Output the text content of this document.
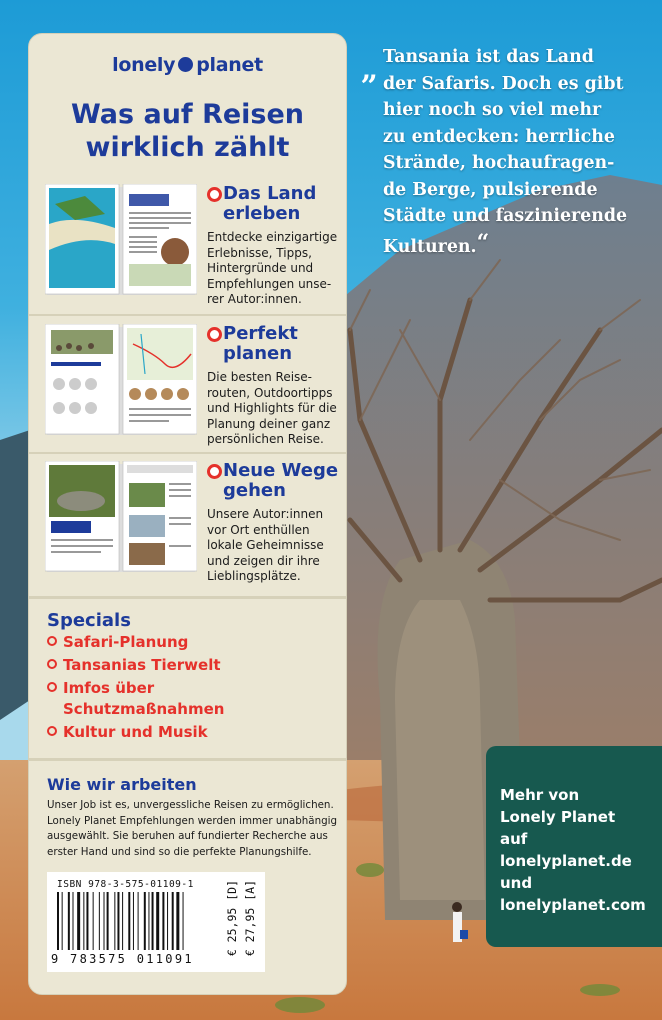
lonely planet
Was auf Reisen
wirklich zählt
Das Land
erleben
Entdecke einzigartige
Erlebnisse, Tipps,
Hintergründe und
Empfehlungen unse-
rer Autor:innen.
Perfekt
planen
Die besten Reise-
routen, Outdoortipps
und Highlights für die
Planung deiner ganz
persönlichen Reise.
Neue Wege
gehen
Unsere Autor:innen
vor Ort enthüllen
lokale Geheimnisse
und zeigen dir ihre
Lieblingsplätze.
Specials
Safari-Planung
Tansanias Tierwelt
Imfos über
Schutzmaßnahmen
Kultur und Musik
Wie wir arbeiten
Unser Job ist es, unvergessliche Reisen zu ermöglichen.
Lonely Planet Empfehlungen werden immer unabhängig
ausgewählt. Sie beruhen auf fundierter Recherche aus
erster Hand und sind so die perfekte Planungshilfe.
ISBN 978-3-575-01109-1
9 783575 011091
€ 25,95 [D] € 27,95 [A]
„ Tansania ist das Land
der Safaris. Doch es gibt
hier noch so viel mehr
zu entdecken: herrliche
Strände, hochaufragen-
de Berge, pulsierende
Städte und faszinierende
Kulturen.“
Mehr von
Lonely Planet
auf
lonelyplanet.de
und
lonelyplanet.com
